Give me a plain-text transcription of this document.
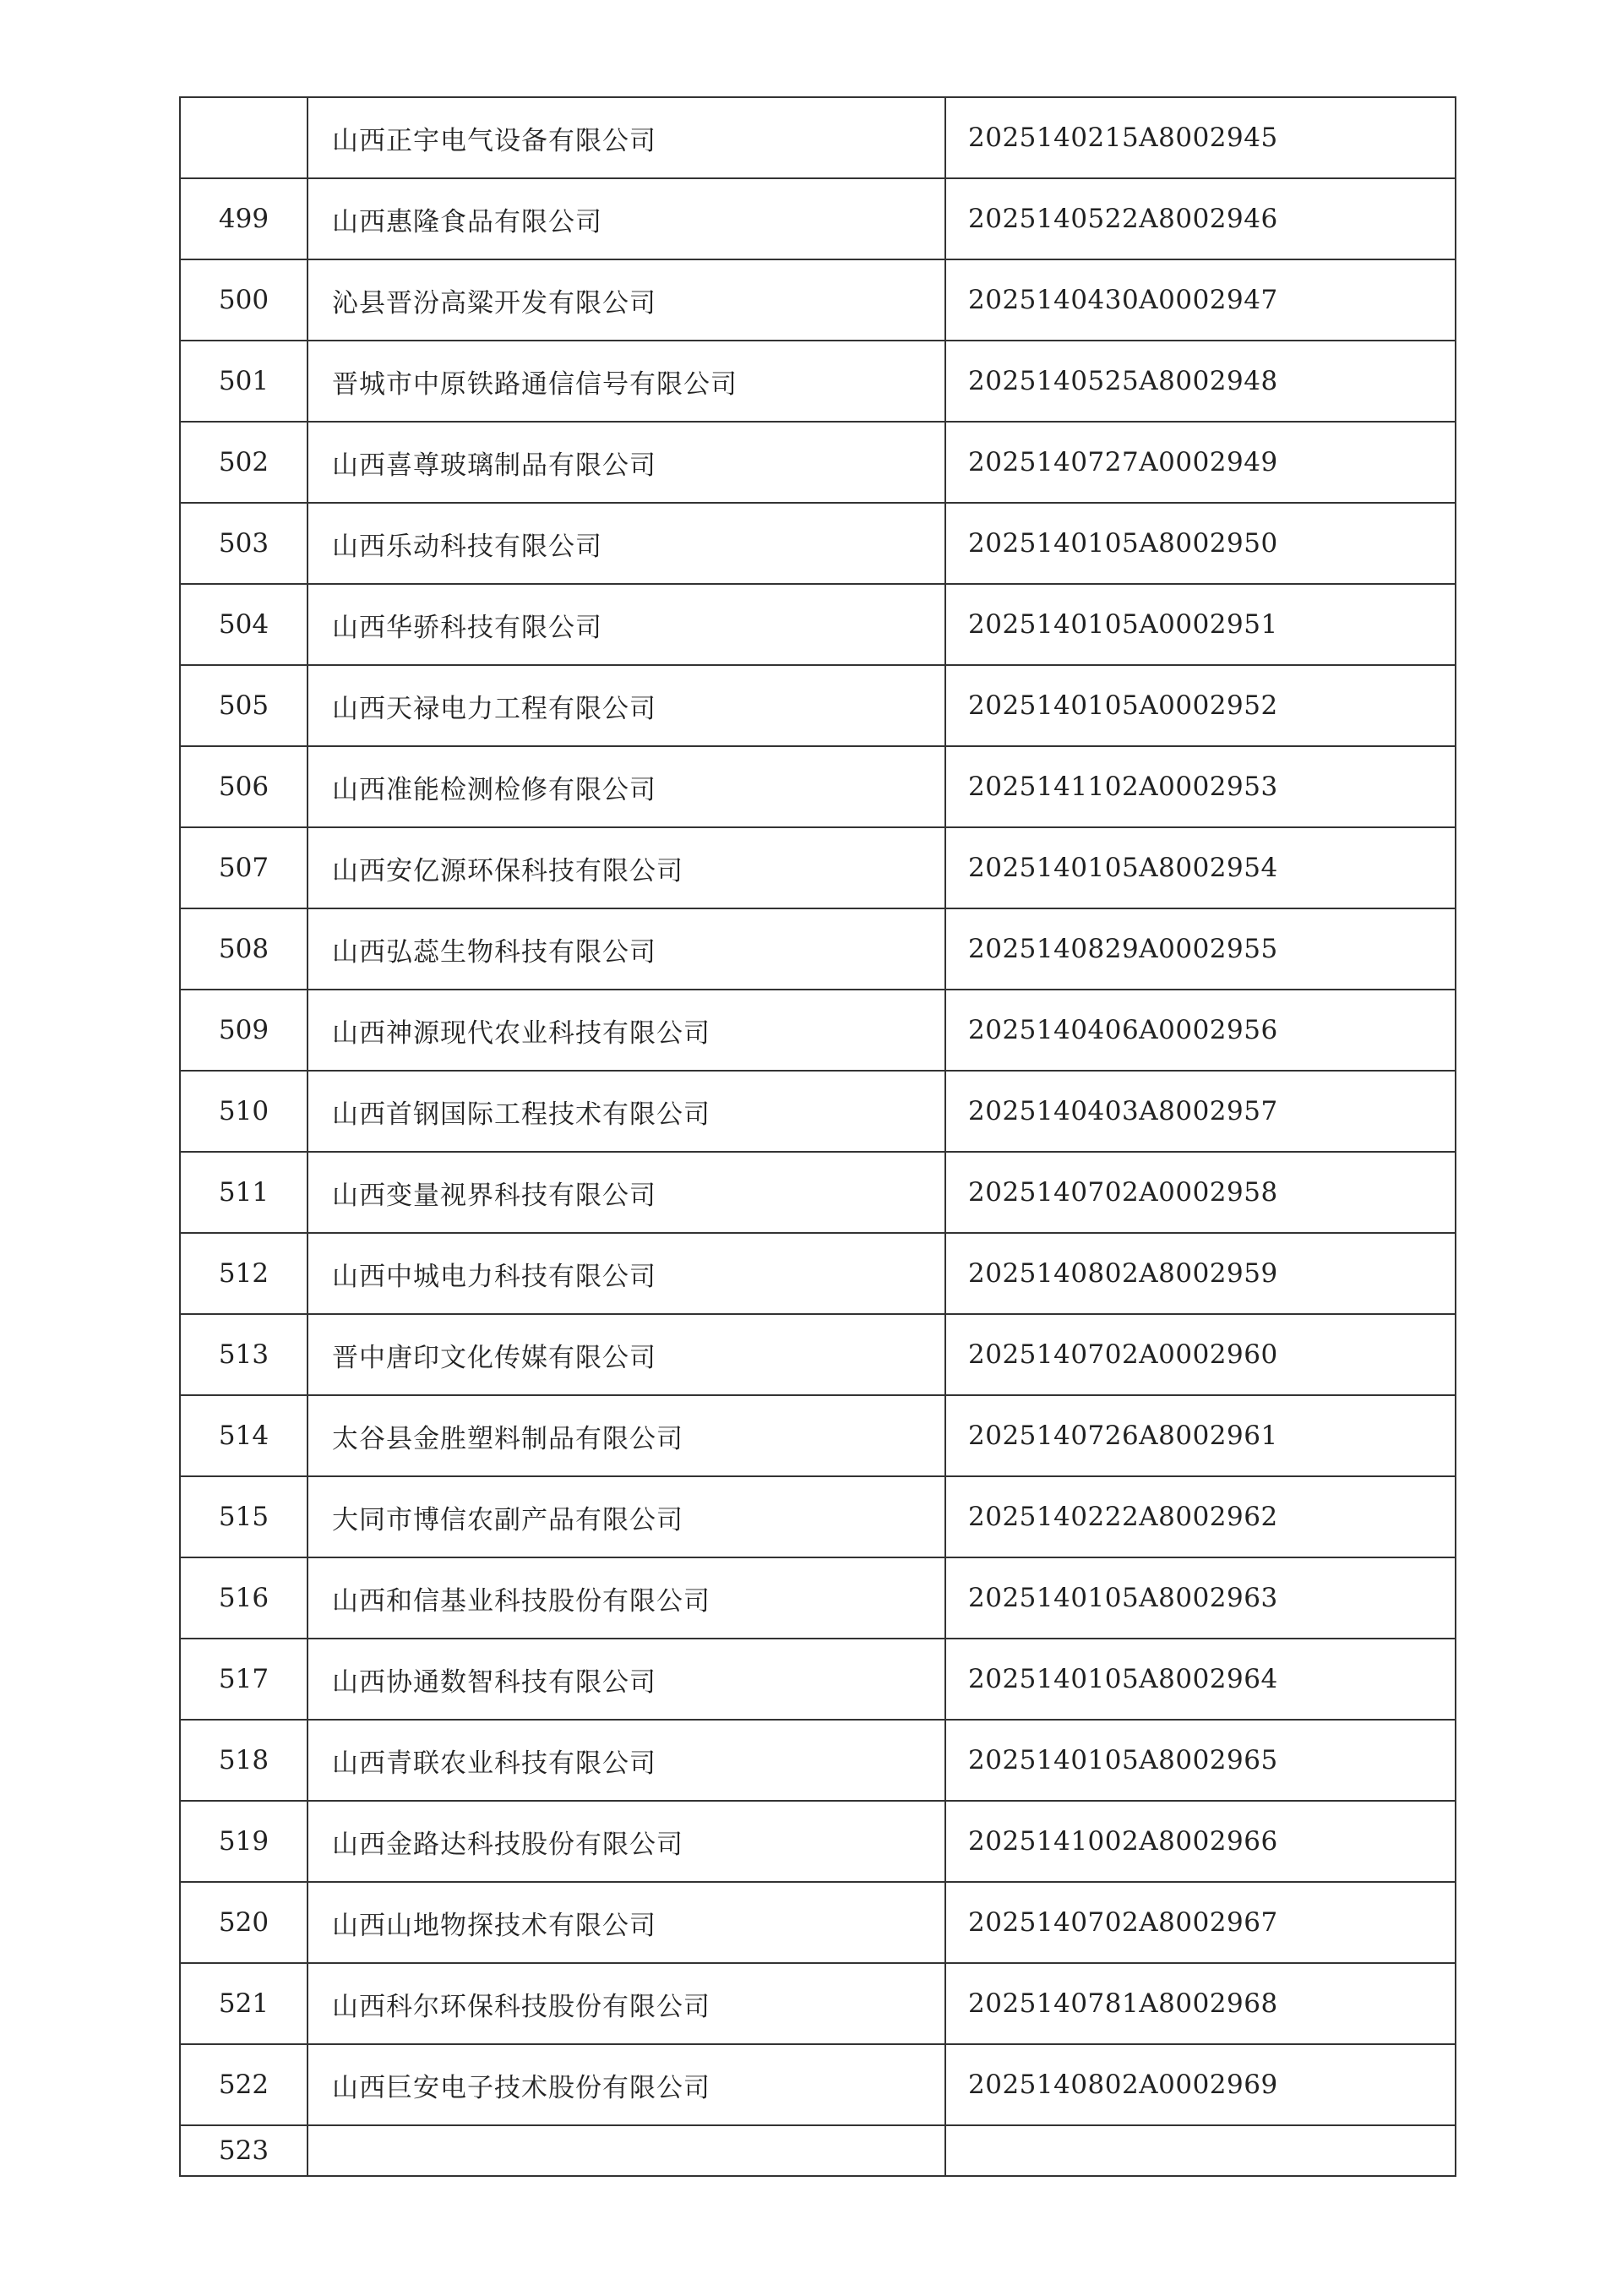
	山西正宇电气设备有限公司	2025140215A8002945
499	山西惠隆食品有限公司	2025140522A8002946
500	沁县晋汾高粱开发有限公司	2025140430A0002947
501	晋城市中原铁路通信信号有限公司	2025140525A8002948
502	山西喜尊玻璃制品有限公司	2025140727A0002949
503	山西乐动科技有限公司	2025140105A8002950
504	山西华骄科技有限公司	2025140105A0002951
505	山西天禄电力工程有限公司	2025140105A0002952
506	山西准能检测检修有限公司	2025141102A0002953
507	山西安亿源环保科技有限公司	2025140105A8002954
508	山西弘蕊生物科技有限公司	2025140829A0002955
509	山西神源现代农业科技有限公司	2025140406A0002956
510	山西首钢国际工程技术有限公司	2025140403A8002957
511	山西变量视界科技有限公司	2025140702A0002958
512	山西中城电力科技有限公司	2025140802A8002959
513	晋中唐印文化传媒有限公司	2025140702A0002960
514	太谷县金胜塑料制品有限公司	2025140726A8002961
515	大同市博信农副产品有限公司	2025140222A8002962
516	山西和信基业科技股份有限公司	2025140105A8002963
517	山西协通数智科技有限公司	2025140105A8002964
518	山西青联农业科技有限公司	2025140105A8002965
519	山西金路达科技股份有限公司	2025141002A8002966
520	山西山地物探技术有限公司	2025140702A8002967
521	山西科尔环保科技股份有限公司	2025140781A8002968
522	山西巨安电子技术股份有限公司	2025140802A0002969
523		
